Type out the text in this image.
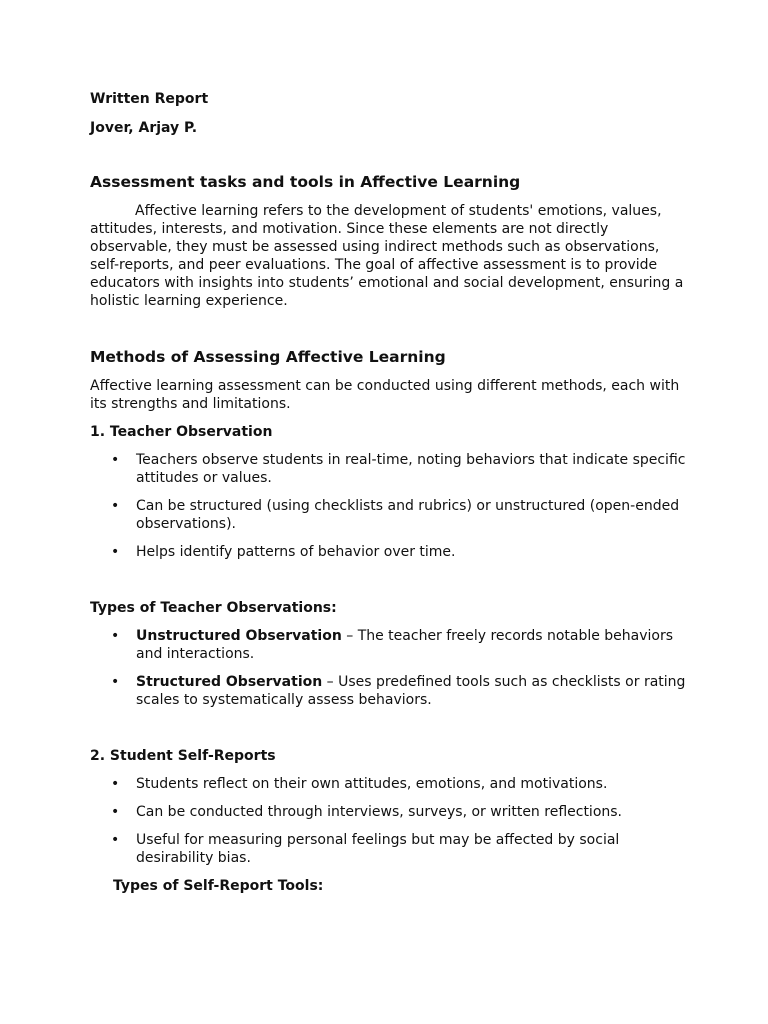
Written Report

Jover, Arjay P.

Assessment tasks and tools in Affective Learning

Affective learning refers to the development of students' emotions, values, attitudes, interests, and motivation. Since these elements are not directly observable, they must be assessed using indirect methods such as observations, self-reports, and peer evaluations. The goal of affective assessment is to provide educators with insights into students’ emotional and social development, ensuring a holistic learning experience.

Methods of Assessing Affective Learning

Affective learning assessment can be conducted using different methods, each with its strengths and limitations.

1. Teacher Observation

• Teachers observe students in real-time, noting behaviors that indicate specific attitudes or values.
• Can be structured (using checklists and rubrics) or unstructured (open-ended observations).
• Helps identify patterns of behavior over time.

Types of Teacher Observations:

• Unstructured Observation – The teacher freely records notable behaviors and interactions.
• Structured Observation – Uses predefined tools such as checklists or rating scales to systematically assess behaviors.

2. Student Self-Reports

• Students reflect on their own attitudes, emotions, and motivations.
• Can be conducted through interviews, surveys, or written reflections.
• Useful for measuring personal feelings but may be affected by social desirability bias.

Types of Self-Report Tools:
